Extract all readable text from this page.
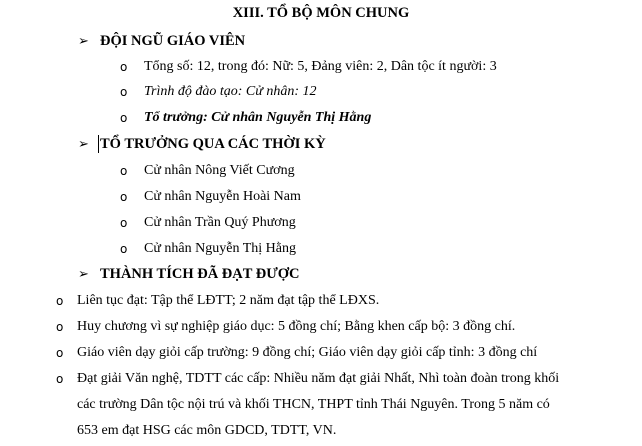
XIII. TỔ BỘ MÔN CHUNG
➢ ĐỘI NGŨ GIÁO VIÊN
o Tổng số: 12, trong đó: Nữ: 5, Đảng viên: 2, Dân tộc ít người: 3
o Trình độ đào tạo: Cử nhân: 12
o Tổ trưởng: Cử nhân Nguyễn Thị Hằng
➢ TỔ TRƯỞNG QUA CÁC THỜI KỲ
o Cử nhân Nông Viết Cương
o Cử nhân Nguyễn Hoài Nam
o Cử nhân Trần Quý Phương
o Cử nhân Nguyễn Thị Hằng
➢ THÀNH TÍCH ĐÃ ĐẠT ĐƯỢC
o Liên tục đạt: Tập thể LĐTT; 2 năm đạt tập thể LĐXS.
o Huy chương vì sự nghiệp giáo dục: 5 đồng chí; Bằng khen cấp bộ: 3 đồng chí.
o Giáo viên dạy giỏi cấp trường: 9 đồng chí; Giáo viên dạy giỏi cấp tỉnh: 3 đồng chí
o Đạt giải Văn nghệ, TDTT các cấp: Nhiều năm đạt giải Nhất, Nhì toàn đoàn trong khối
các trường Dân tộc nội trú và khối THCN, THPT tỉnh Thái Nguyên. Trong 5 năm có
653 em đạt HSG các môn GDCD, TDTT, VN.
